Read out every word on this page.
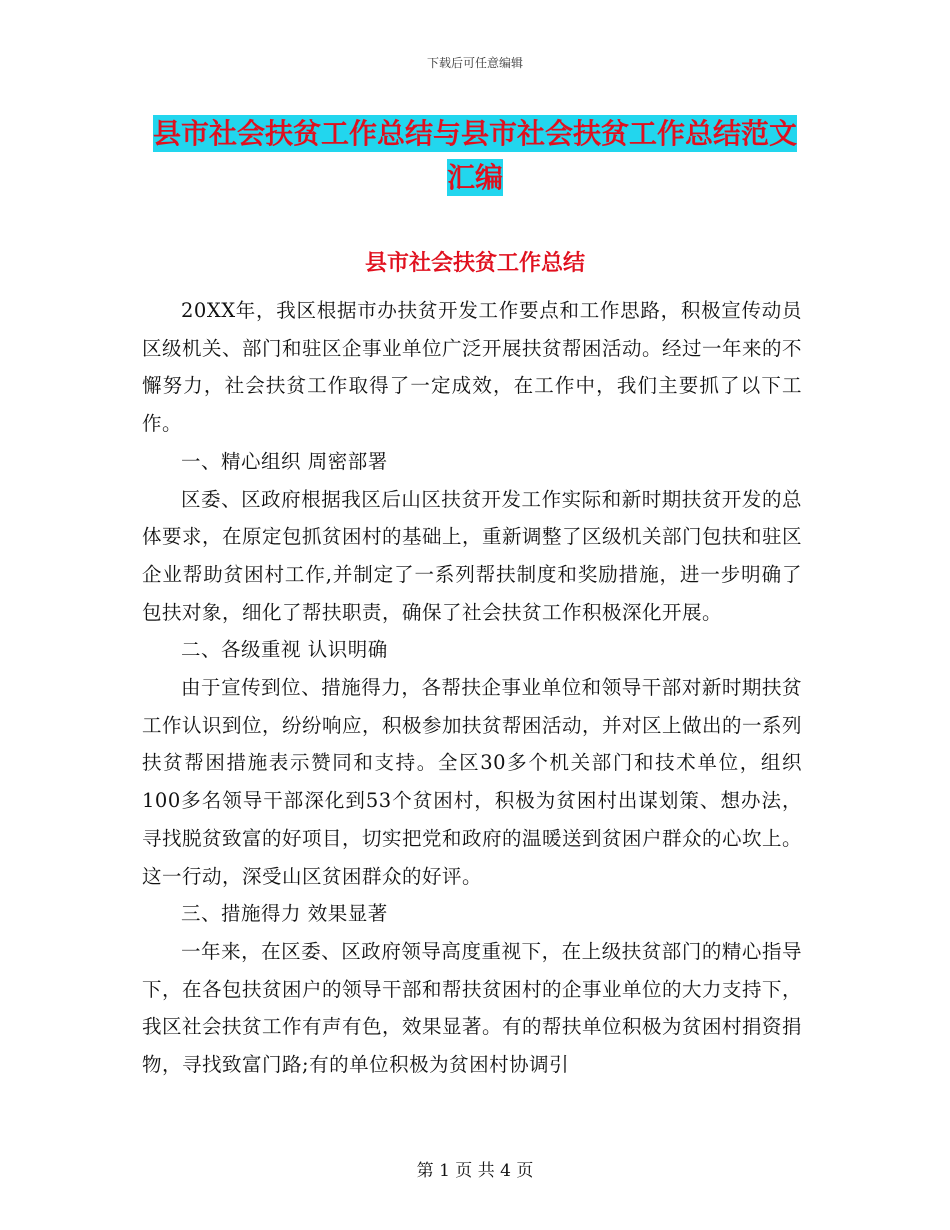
下载后可任意编辑
县市社会扶贫工作总结与县市社会扶贫工作总结范文
汇编
县市社会扶贫工作总结

20XX年，我区根据市办扶贫开发工作要点和工作思路，积极宣传动员区级机关、部门和驻区企事业单位广泛开展扶贫帮困活动。经过一年来的不懈努力，社会扶贫工作取得了一定成效，在工作中，我们主要抓了以下工作。

一、精心组织 周密部署

区委、区政府根据我区后山区扶贫开发工作实际和新时期扶贫开发的总体要求，在原定包抓贫困村的基础上，重新调整了区级机关部门包扶和驻区企业帮助贫困村工作,并制定了一系列帮扶制度和奖励措施，进一步明确了包扶对象，细化了帮扶职责，确保了社会扶贫工作积极深化开展。

二、各级重视 认识明确

由于宣传到位、措施得力，各帮扶企事业单位和领导干部对新时期扶贫工作认识到位，纷纷响应，积极参加扶贫帮困活动，并对区上做出的一系列扶贫帮困措施表示赞同和支持。全区30多个机关部门和技术单位，组织100多名领导干部深化到53个贫困村，积极为贫困村出谋划策、想办法，寻找脱贫致富的好项目，切实把党和政府的温暖送到贫困户群众的心坎上。这一行动，深受山区贫困群众的好评。

三、措施得力 效果显著

一年来，在区委、区政府领导高度重视下，在上级扶贫部门的精心指导下，在各包扶贫困户的领导干部和帮扶贫困村的企事业单位的大力支持下，我区社会扶贫工作有声有色，效果显著。有的帮扶单位积极为贫困村捐资捐物，寻找致富门路;有的单位积极为贫困村协调引

第 1 页 共 4 页
